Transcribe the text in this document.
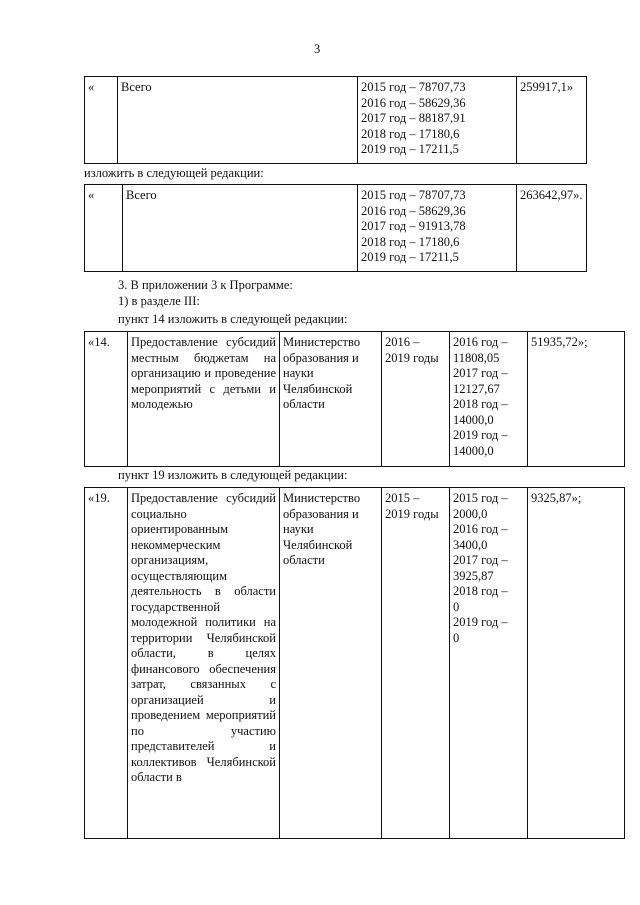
3
«	Всего	2015 год – 78707,73
2016 год – 58629,36
2017 год – 88187,91
2018 год – 17180,6
2019 год – 17211,5
	259917,1»
изложить в следующей редакции:
«	Всего	2015 год – 78707,73
2016 год – 58629,36
2017 год – 91913,78
2018 год – 17180,6
2019 год – 17211,5
	263642,97».
3. В приложении 3 к Программе:
1) в разделе III:
пункт 14 изложить в следующей редакции:
«14.	Предоставление субсидий местным бюджетам на организацию и проведение мероприятий с детьми и молодежью	Министерство образования и науки Челябинской области	2016 – 2019 годы	
2016 год –
11808,05
2017 год –
12127,67
2018 год –
14000,0
2019 год –
14000,0
	51935,72»;
пункт 19 изложить в следующей редакции:
«19.	Предоставление субсидий социально ориентированным некоммерческим организациям, осуществляющим деятельность в области государственной молодежной политики на территории Челябинской области, в целях финансового обеспечения затрат, связанных с организацией и проведением мероприятий по участию представителей и коллективов Челябинской области в	Министерство образования и науки Челябинской области	2015 – 2019 годы	
2015 год –
2000,0
2016 год –
3400,0
2017 год –
3925,87
2018 год –
0
2019 год –
0
	9325,87»;
